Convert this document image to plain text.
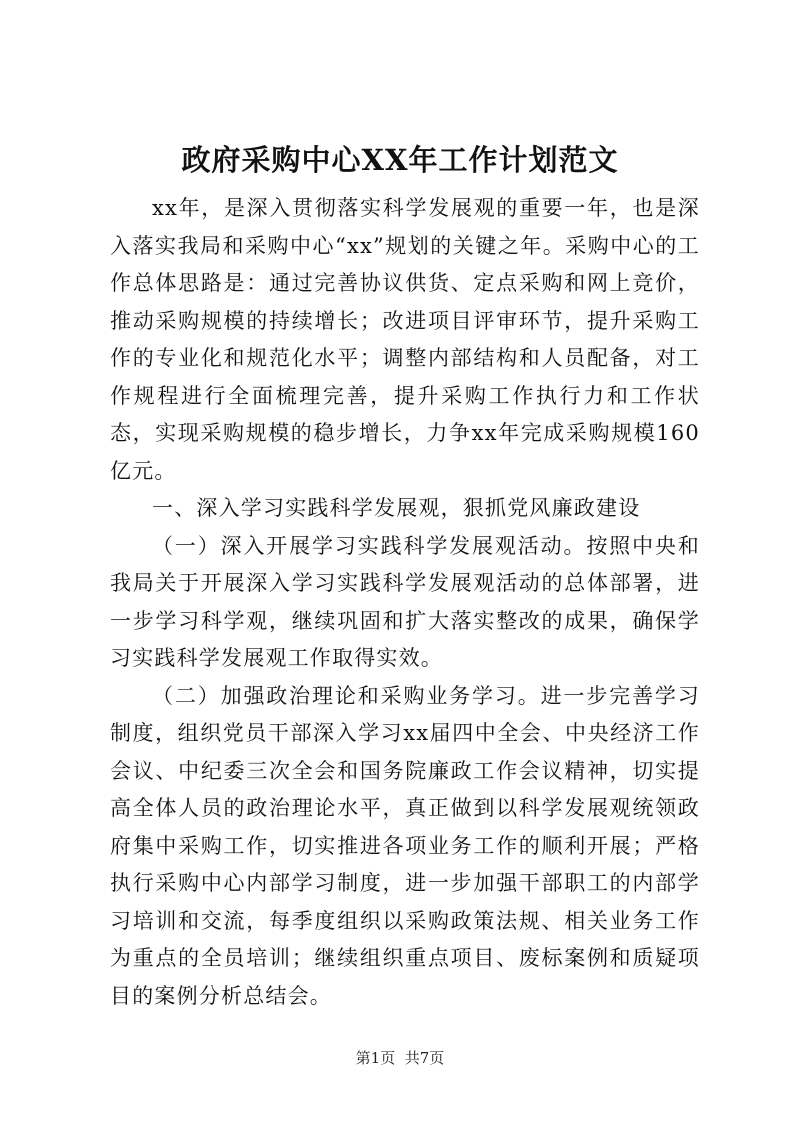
政府采购中心XX年工作计划范文

xx年，是深入贯彻落实科学发展观的重要一年，也是深入落实我局和采购中心“xx”规划的关键之年。采购中心的工作总体思路是：通过完善协议供货、定点采购和网上竞价，推动采购规模的持续增长；改进项目评审环节，提升采购工作的专业化和规范化水平；调整内部结构和人员配备，对工作规程进行全面梳理完善，提升采购工作执行力和工作状态，实现采购规模的稳步增长，力争xx年完成采购规模160亿元。

一、深入学习实践科学发展观，狠抓党风廉政建设

（一）深入开展学习实践科学发展观活动。按照中央和我局关于开展深入学习实践科学发展观活动的总体部署，进一步学习科学观，继续巩固和扩大落实整改的成果，确保学习实践科学发展观工作取得实效。

（二）加强政治理论和采购业务学习。进一步完善学习制度，组织党员干部深入学习xx届四中全会、中央经济工作会议、中纪委三次全会和国务院廉政工作会议精神，切实提高全体人员的政治理论水平，真正做到以科学发展观统领政府集中采购工作，切实推进各项业务工作的顺利开展；严格执行采购中心内部学习制度，进一步加强干部职工的内部学习培训和交流，每季度组织以采购政策法规、相关业务工作为重点的全员培训；继续组织重点项目、废标案例和质疑项目的案例分析总结会。

第1页 共7页
